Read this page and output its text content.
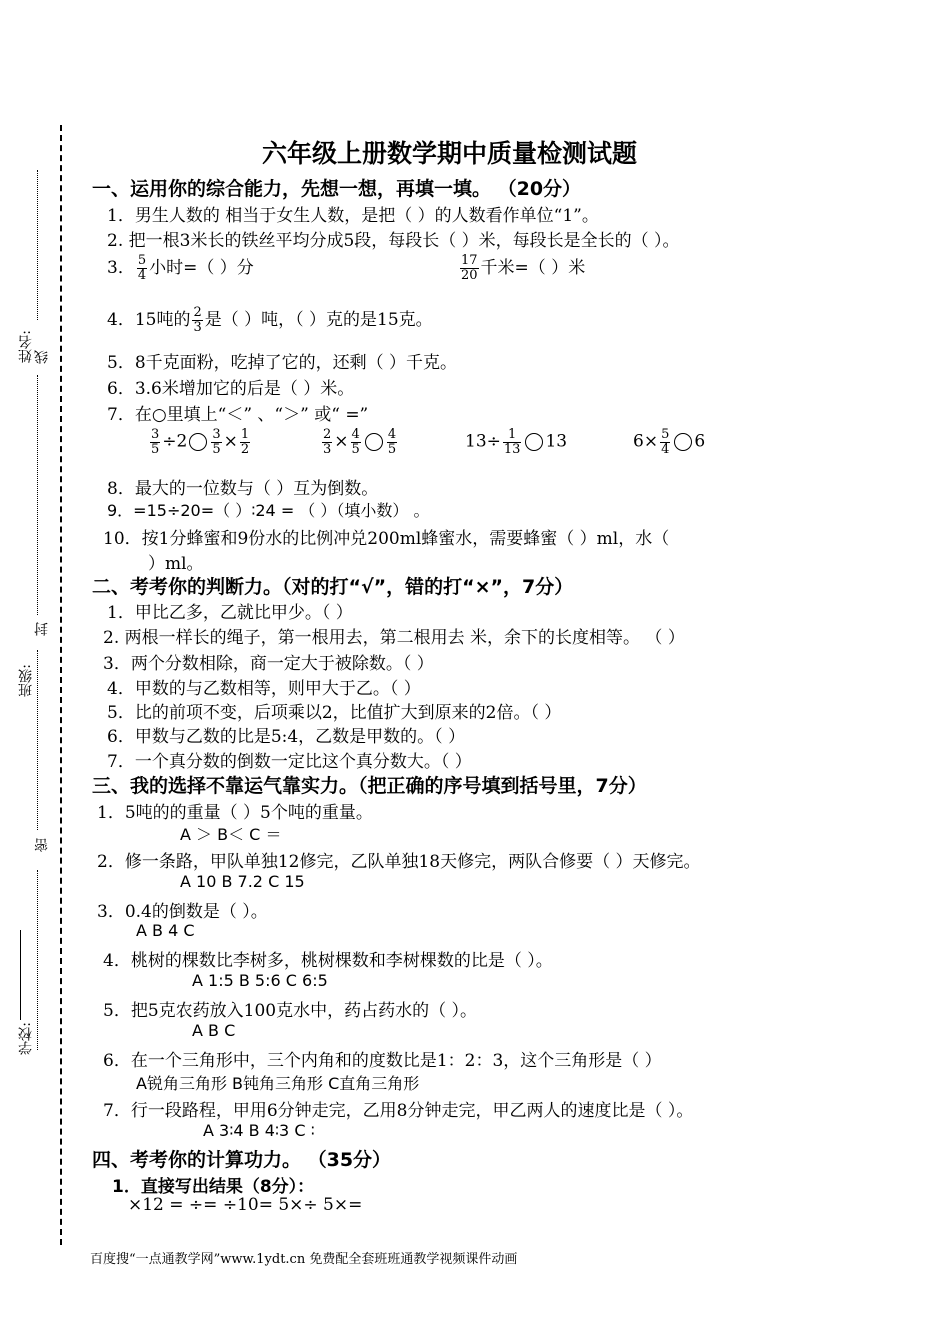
学校:
班级:
姓名:
密
封
线
六年级上册数学期中质量检测试题
一、运用你的综合能力，先想一想，再填一填。 （20分）
1．男生人数的 相当于女生人数，是把（ ）的人数看作单位“1”。
2. 把一根3米长的铁丝平均分成5段，每段长（ ）米，每段长是全长的（ ）。
3． $\frac{5}{4}$ 小时=（ ）分	$\frac{17}{20}$ 千米=（ ）米
4．15吨的 $\frac{2}{3}$ 是（ ）吨，（ ）克的是15克。
5．8千克面粉，吃掉了它的，还剩（ ）千克。
6．3.6米增加它的后是（ ）米。
7．在○里填上“＜” 、“＞” 或“ =”
$\frac{3}{5} \div 2 \frac{3}{5} \times \frac{1}{2}$	$\frac{2}{3} \times \frac{4}{5} \frac{4}{5}$	$13\div \frac{1}{13} 13$	$6\times \frac{5}{4} 6$
8．最大的一位数与（ ）互为倒数。
9．=15÷20=（ ）∶24 = （ ）（填小数） 。
10．按1分蜂蜜和9份水的比例冲兑200ml蜂蜜水，需要蜂蜜（ ）ml，水（
）ml。
二、考考你的判断力。（对的打“√”，错的打“×”，7分）
1．甲比乙多，乙就比甲少。（ ）
2. 两根一样长的绳子，第一根用去，第二根用去 米，余下的长度相等。 （ ）
3．两个分数相除，商一定大于被除数。（ ）
4．甲数的与乙数相等，则甲大于乙。（ ）
5．比的前项不变，后项乘以2，比值扩大到原来的2倍。（ ）
6．甲数与乙数的比是5:4，乙数是甲数的。（ ）
7．一个真分数的倒数一定比这个真分数大。（ ）
三、我的选择不靠运气靠实力。（把正确的序号填到括号里，7分）
1．5吨的的重量（ ）5个吨的重量。
A ＞ B＜ C ＝
2．修一条路，甲队单独12修完，乙队单独18天修完，两队合修要（ ）天修完。
A 10 B 7.2 C 15
3．0.4的倒数是（ ）。
A B 4 C
4．桃树的棵数比李树多，桃树棵数和李树棵数的比是（ ）。
A 1:5 B 5:6 C 6:5
5．把5克农药放入100克水中，药占药水的（ ）。
A B C
6．在一个三角形中，三个内角和的度数比是1：2：3，这个三角形是（ ）
A锐角三角形 B钝角三角形 C直角三角形
7．行一段路程，甲用6分钟走完，乙用8分钟走完，甲乙两人的速度比是（ ）。
A 3∶4 B 4∶3 C ∶
四、考考你的计算功力。 （35分）
1．直接写出结果（8分）：
×12 = ÷= ÷10= 5×÷ 5×=
百度搜“一点通教学网”www.1ydt.cn 免费配全套班班通教学视频课件动画
